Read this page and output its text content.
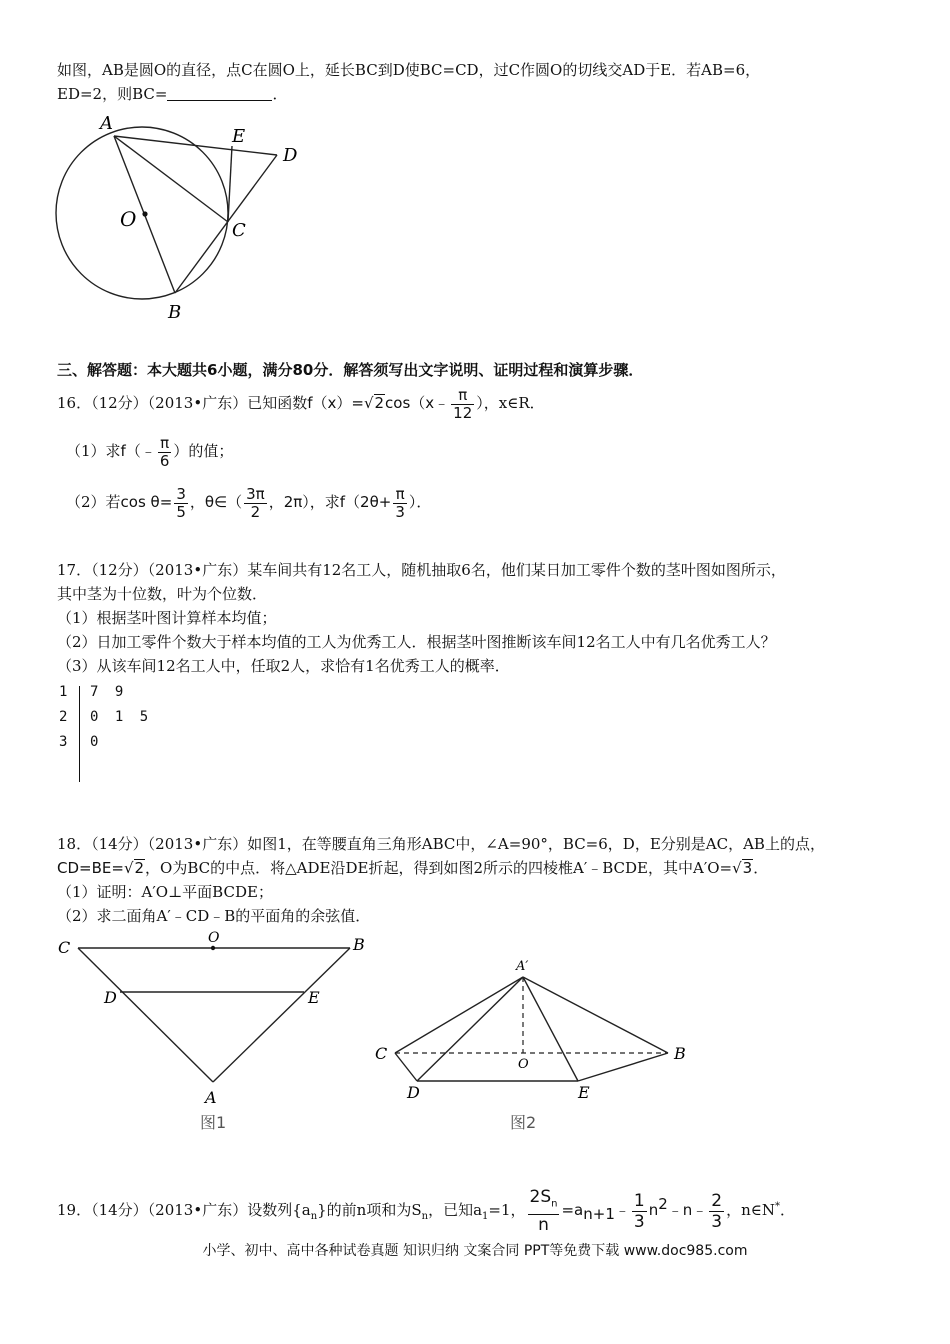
如图，AB是圆O的直径，点C在圆O上，延长BC到D使BC=CD，过C作圆O的切线交AD于E．若AB=6，
ED=2，则BC=	．
A
E
D
O	C
B
三、解答题：本大题共6小题，满分80分．解答须写出文字说明、证明过程和演算步骤．
16．（12分）（2013•广东）已知函数f（x）=√2cos（x﹣ $\frac{\pi}{12}$ ），x∈R．
（1）求f（﹣ $\frac{\pi}{6}$ ）的值；
（2）若$\cos \theta= \frac{3}{5}$ ，θ∈（ $\frac{3\pi}{2}$ ，2π），求$f(2\theta+ \frac{\pi}{3}$ ）．
17．（12分）（2013•广东）某车间共有12名工人，随机抽取6名，他们某日加工零件个数的茎叶图如图所示，
其中茎为十位数，叶为个位数．
（1）根据茎叶图计算样本均值；
（2）日加工零件个数大于样本均值的工人为优秀工人．根据茎叶图推断该车间12名工人中有几名优秀工人？
（3）从该车间12名工人中，任取2人，求恰有1名优秀工人的概率．
1 7 9
2 0 1 5
3 0
18．（14分）（2013•广东）如图1，在等腰直角三角形ABC中，∠A=90°，BC=6，D，E分别是AC，AB上的点，
CD=BE=√2，O为BC的中点．将△ADE沿DE折起，得到如图2所示的四棱椎A′﹣BCDE，其中A′O=√3．
（1）证明：A′O⊥平面BCDE；
（2）求二面角A′﹣CD﹣B的平面角的余弦值．
C	O	B
D	E
A
图1
A′
C
O
B
D	E
图2
19．（14分）（2013•广东）设数列$\{a_n\}$的前n项和为$S_n$，已知$a_1=1$， $\frac{2S_n}{n}$ $=a_{n+1}﹣ \frac{1}{3}$ $n^2﹣n﹣ \frac{2}{3}$ ，n∈N*．
小学、初中、高中各种试卷真题 知识归纳 文案合同 PPT等免费下载 www.doc985.com
